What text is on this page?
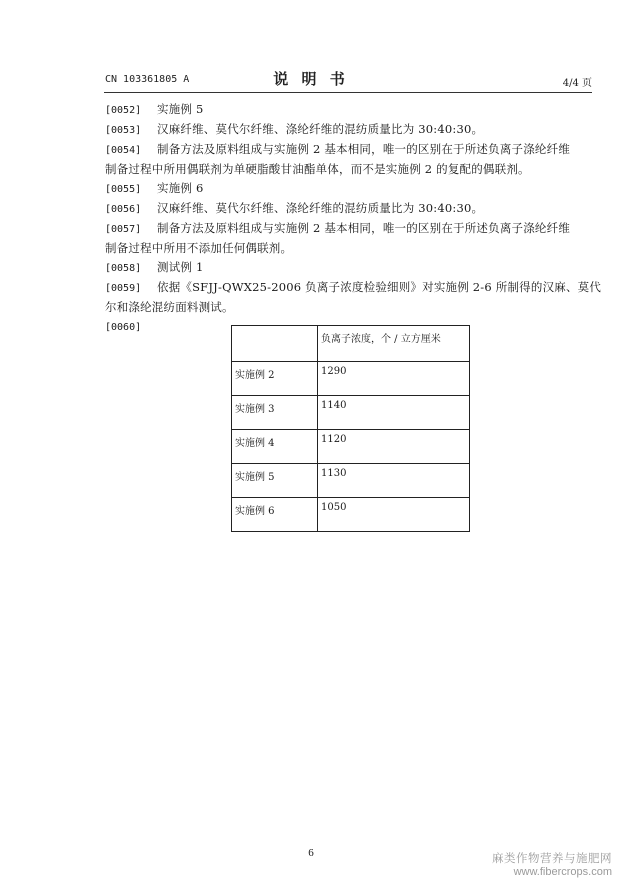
CN 103361805 A	说 明 书	4/4 页
[0052] 实施例 5
[0053] 汉麻纤维、莫代尔纤维、涤纶纤维的混纺质量比为 30:40:30。
[0054] 制备方法及原料组成与实施例 2 基本相同，唯一的区别在于所述负离子涤纶纤维
制备过程中所用偶联剂为单硬脂酸甘油酯单体，而不是实施例 2 的复配的偶联剂。
[0055] 实施例 6
[0056] 汉麻纤维、莫代尔纤维、涤纶纤维的混纺质量比为 30:40:30。
[0057] 制备方法及原料组成与实施例 2 基本相同，唯一的区别在于所述负离子涤纶纤维
制备过程中所用不添加任何偶联剂。
[0058] 测试例 1
[0059] 依据《SFJJ-QWX25-2006 负离子浓度检验细则》对实施例 2-6 所制得的汉麻、莫代
尔和涤纶混纺面料测试。
[0060]
	负离子浓度，个 / 立方厘米
实施例 2	1290
实施例 3	1140
实施例 4	1120
实施例 5	1130
实施例 6	1050
6	麻类作物营养与施肥网
www.fibercrops.com
